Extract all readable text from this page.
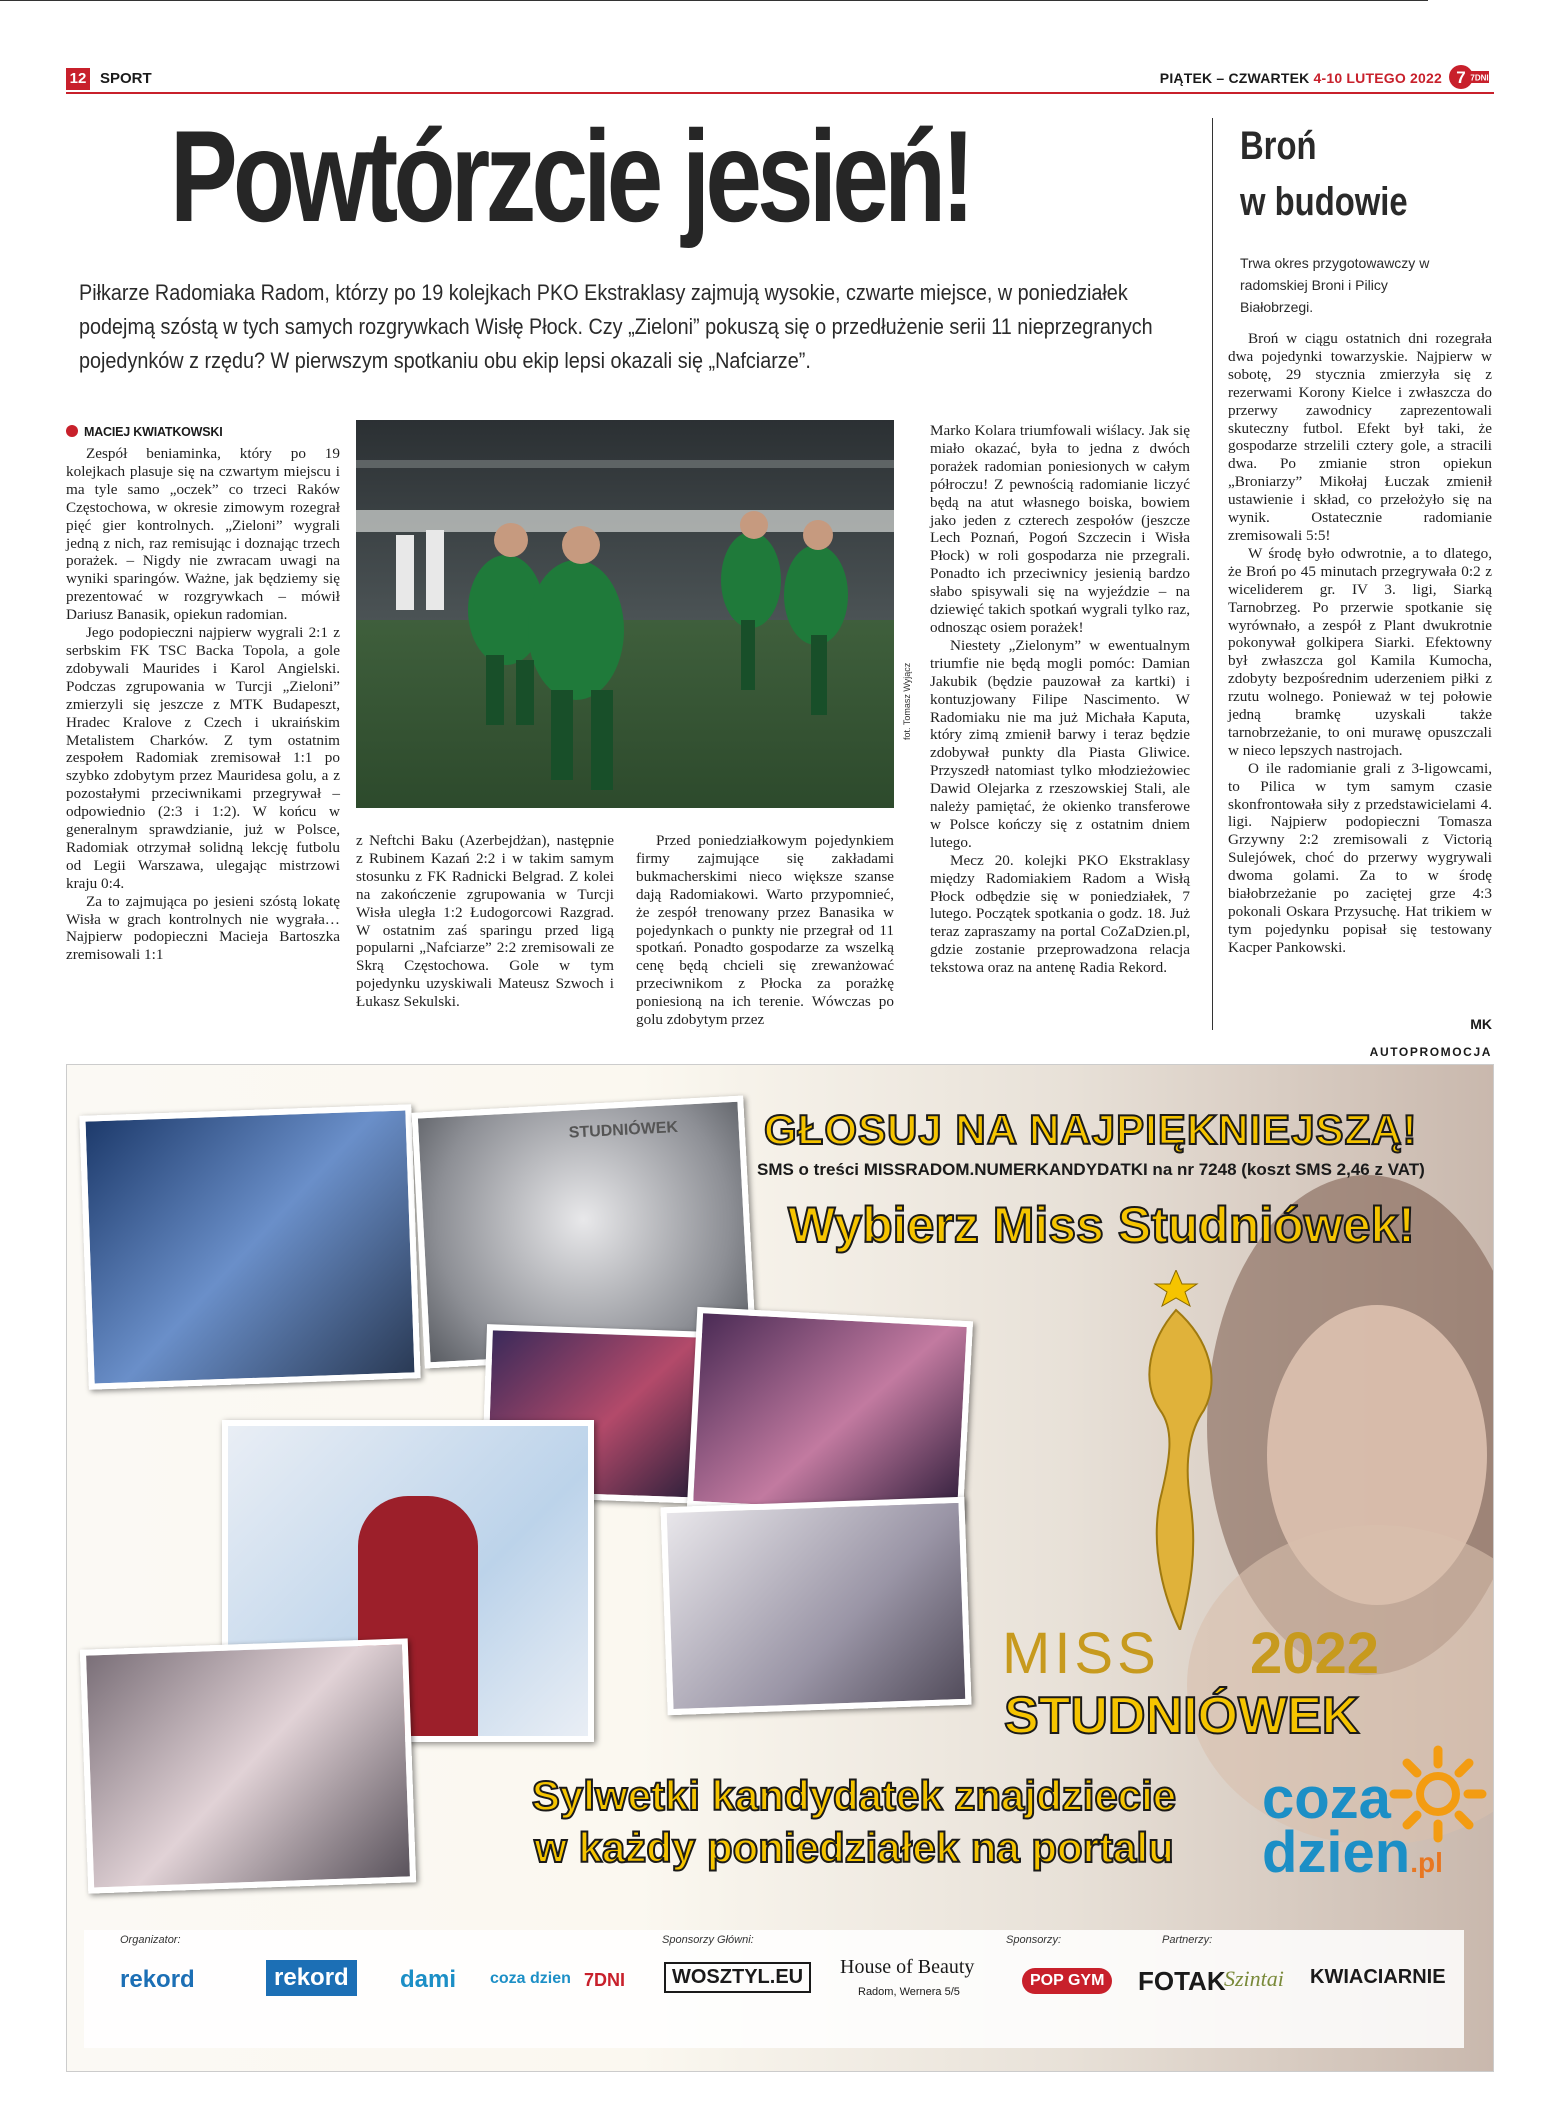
12 SPORT	PIĄTEK – CZWARTEK 4-10 LUTEGO 2022 7 7DNI
Powtórzcie jesień!
Piłkarze Radomiaka Radom, którzy po 19 kolejkach PKO Ekstraklasy zajmują wysokie, czwarte miejsce, w poniedziałek podejmą szóstą w tych samych rozgrywkach Wisłę Płock. Czy „Zieloni” pokuszą się o przedłużenie serii 11 nieprzegranych pojedynków z rzędu? W pierwszym spotkaniu obu ekip lepsi okazali się „Nafciarze”.
MACIEJ KWIATKOWSKI

Zespół beniaminka, który po 19 kolejkach plasuje się na czwartym miejscu i ma tyle samo „oczek” co trzeci Raków Częstochowa, w okresie zimowym rozegrał pięć gier kontrolnych. „Zieloni” wygrali jedną z nich, raz remisując i doznając trzech porażek. – Nigdy nie zwracam uwagi na wyniki sparingów. Ważne, jak będziemy się prezentować w rozgrywkach – mówił Dariusz Banasik, opiekun radomian.

Jego podopieczni najpierw wygrali 2:1 z serbskim FK TSC Backa Topola, a gole zdobywali Maurides i Karol Angielski. Podczas zgrupowania w Turcji „Zieloni” zmierzyli się jeszcze z MTK Budapeszt, Hradec Kralove z Czech i ukraińskim Metalistem Charków. Z tym ostatnim zespołem Radomiak zremisował 1:1 po szybko zdobytym przez Mauridesa golu, a z pozostałymi przeciwnikami przegrywał – odpowiednio (2:3 i 1:2). W końcu w generalnym sprawdzianie, już w Polsce, Radomiak otrzymał solidną lekcję futbolu od Legii Warszawa, ulegając mistrzowi kraju 0:4.

Za to zajmująca po jesieni szóstą lokatę Wisła w grach kontrolnych nie wygrała… Najpierw podopieczni Macieja Bartoszka zremisowali 1:1

fot. Tomasz Wyjącz

z Neftchi Baku (Azerbejdżan), następnie z Rubinem Kazań 2:2 i w takim samym stosunku z FK Radnicki Belgrad. Z kolei na zakończenie zgrupowania w Turcji Wisła uległa 1:2 Łudogorcowi Razgrad. W ostatnim zaś sparingu przed ligą popularni „Nafciarze” 2:2 zremisowali ze Skrą Częstochowa. Gole w tym pojedynku uzyskiwali Mateusz Szwoch i Łukasz Sekulski.

Przed poniedziałkowym pojedynkiem firmy zajmujące się zakładami bukmacherskimi nieco większe szanse dają Radomiakowi. Warto przypomnieć, że zespół trenowany przez Banasika w pojedynkach o punkty nie przegrał od 11 spotkań. Ponadto gospodarze za wszelką cenę będą chcieli się zrewanżować przeciwnikom z Płocka za porażkę poniesioną na ich terenie. Wówczas po golu zdobytym przez

Marko Kolara triumfowali wiślacy. Jak się miało okazać, była to jedna z dwóch porażek radomian poniesionych w całym półroczu! Z pewnością radomianie liczyć będą na atut własnego boiska, bowiem jako jeden z czterech zespołów (jeszcze Lech Poznań, Pogoń Szczecin i Wisła Płock) w roli gospodarza nie przegrali. Ponadto ich przeciwnicy jesienią bardzo słabo spisywali się na wyjeździe – na dziewięć takich spotkań wygrali tylko raz, odnosząc osiem porażek!

Niestety „Zielonym” w ewentualnym triumfie nie będą mogli pomóc: Damian Jakubik (będzie pauzował za kartki) i kontuzjowany Filipe Nascimento. W Radomiaku nie ma już Michała Kaputa, który zimą zmienił barwy i teraz będzie zdobywał punkty dla Piasta Gliwice. Przyszedł natomiast tylko młodzieżowiec Dawid Olejarka z rzeszowskiej Stali, ale należy pamiętać, że okienko transferowe w Polsce kończy się z ostatnim dniem lutego.

Mecz 20. kolejki PKO Ekstraklasy między Radomiakiem Radom a Wisłą Płock odbędzie się w poniedziałek, 7 lutego. Początek spotkania o godz. 18. Już teraz zapraszamy na portal CoZaDzien.pl, gdzie zostanie przeprowadzona relacja tekstowa oraz na antenę Radia Rekord.

Broń
w budowie
Trwa okres przygotowawczy w radomskiej Broni i Pilicy Białobrzegi.

Broń w ciągu ostatnich dni rozegrała dwa pojedynki towarzyskie. Najpierw w sobotę, 29 stycznia zmierzyła się z rezerwami Korony Kielce i zwłaszcza do przerwy zawodnicy zaprezentowali skuteczny futbol. Efekt był taki, że gospodarze strzelili cztery gole, a stracili dwa. Po zmianie stron opiekun „Broniarzy” Mikołaj Łuczak zmienił ustawienie i skład, co przełożyło się na wynik. Ostatecznie radomianie zremisowali 5:5!

W środę było odwrotnie, a to dlatego, że Broń po 45 minutach przegrywała 0:2 z wiceliderem gr. IV 3. ligi, Siarką Tarnobrzeg. Po przerwie spotkanie się wyrównało, a zespół z Plant dwukrotnie pokonywał golkipera Siarki. Efektowny był zwłaszcza gol Kamila Kumocha, zdobyty bezpośrednim uderzeniem piłki z rzutu wolnego. Ponieważ w tej połowie jedną bramkę uzyskali także tarnobrzeżanie, to oni murawę opuszczali w nieco lepszych nastrojach.

O ile radomianie grali z 3-ligowcami, to Pilica w tym samym czasie skonfrontowała siły z przedstawicielami 4. ligi. Najpierw podopieczni Tomasza Grzywny 2:2 zremisowali z Victorią Sulejówek, choć do przerwy wygrywali dwoma golami. Za to w środę białobrzeżanie po zaciętej grze 4:3 pokonali Oskara Przysuchę. Hat trikiem w tym pojedynku popisał się testowany Kacper Pankowski.

MK
AUTOPROMOCJA
STUDNIÓWEK GŁOSUJ NA NAJPIĘKNIEJSZĄ!
SMS o treści MISSRADOM.NUMERKANDYDATKI na nr 7248 (koszt SMS 2,46 z VAT)
Wybierz Miss Studniówek!
MISS 2022
STUDNIÓWEK
Sylwetki kandydatek znajdziecie
w każdy poniedziałek na portalu
coza
dzien.pl
Organizator:	Sponsorzy Główni:	Sponsorzy:	Partnerzy:
rekord	rekord	dami coza dzien 7DNI	WOSZTYL.EU	House of Beauty
Radom, Wernera 5/5
POP GYM	FOTAK
Szintai KWIACIARNIE
